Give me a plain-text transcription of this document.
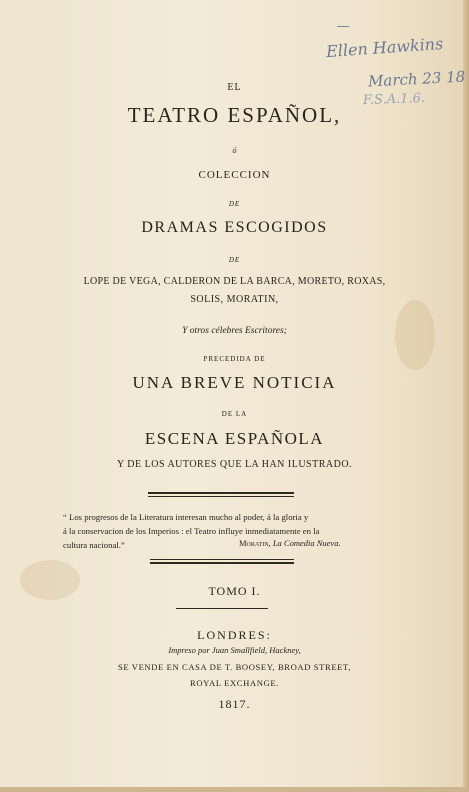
Ellen Hawkins
March 23 18
F.S.A.1.6.
EL
TEATRO ESPAÑOL,
ó
COLECCION
DE
DRAMAS ESCOGIDOS
DE
LOPE DE VEGA, CALDERON DE LA BARCA, MORETO, ROXAS,
SOLIS, MORATIN,
Y otros célebres Escritores;
PRECEDIDA DE
UNA BREVE NOTICIA
DE LA
ESCENA ESPAÑOLA
Y DE LOS AUTORES QUE LA HAN ILUSTRADO.
“ Los progresos de la Literatura interesan mucho al poder, á la gloria y
á la conservacion de los Imperios : el Teatro influye inmediatamente en la
cultura nacional.”	Moratin, La Comedia Nueva.
TOMO I.
LONDRES:
Impreso por Juan Smallfield, Hackney,
SE VENDE EN CASA DE T. BOOSEY, BROAD STREET,
ROYAL EXCHANGE.
1817.
